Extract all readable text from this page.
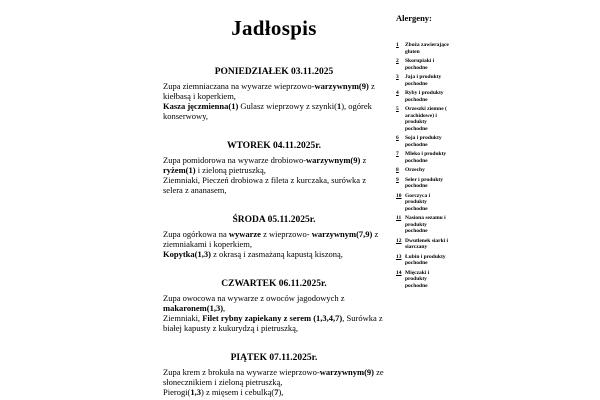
Jadłospis
PONIEDZIAŁEK 03.11.2025

Zupa ziemniaczana na wywarze wieprzowo-warzywnym(9) z kiełbasą i koperkiem,

Kasza jęczmienna(1) Gulasz wieprzowy z szynki(1), ogórek konserwowy,

WTOREK 04.11.2025r.

Zupa pomidorowa na wywarze drobiowo-warzywnym(9) z ryżem(1) i zieloną pietruszką,

Ziemniaki, Pieczeń drobiowa z fileta z kurczaka, surówka z selera z ananasem,

ŚRODA 05.11.2025r.

Zupa ogórkowa na wywarze z wieprzowo- warzywnym(7,9) z ziemniakami i koperkiem,

Kopytka(1,3) z okrasą i zasmażaną kapustą kiszoną,

CZWARTEK 06.11.2025r.

Zupa owocowa na wywarze z owoców jagodowych z makaronem(1,3),

Ziemniaki, Filet rybny zapiekany z serem (1,3,4,7), Surówka z białej kapusty z kukurydzą i pietruszką,

PIĄTEK 07.11.2025r.

Zupa krem z brokuła na wywarze wieprzowo-warzywnym(9) ze słonecznikiem i zieloną pietruszką,

Pierogi(1,3) z mięsem i cebulką(7),

Alergeny:
1	Zboża zawierające gluten
2	Skorupiaki i pochodne
3	Jaja i produkty pochodne
4	Ryby i produkty pochodne
5	Orzeszki ziemne ( arachidowe) i produkty pochodne
6	Soja i produkty pochodne
7	Mleko i produkty pochodne
8	Orzechy
9	Seler i produkty pochodne
10 Gorczyca i produkty pochodne
11 Nasiona sezamu i produkty pochodne
12 Dwutlenek siarki i siarczany
13 Łubin i produkty pochodne
14 Mięczaki i produkty pochodne
